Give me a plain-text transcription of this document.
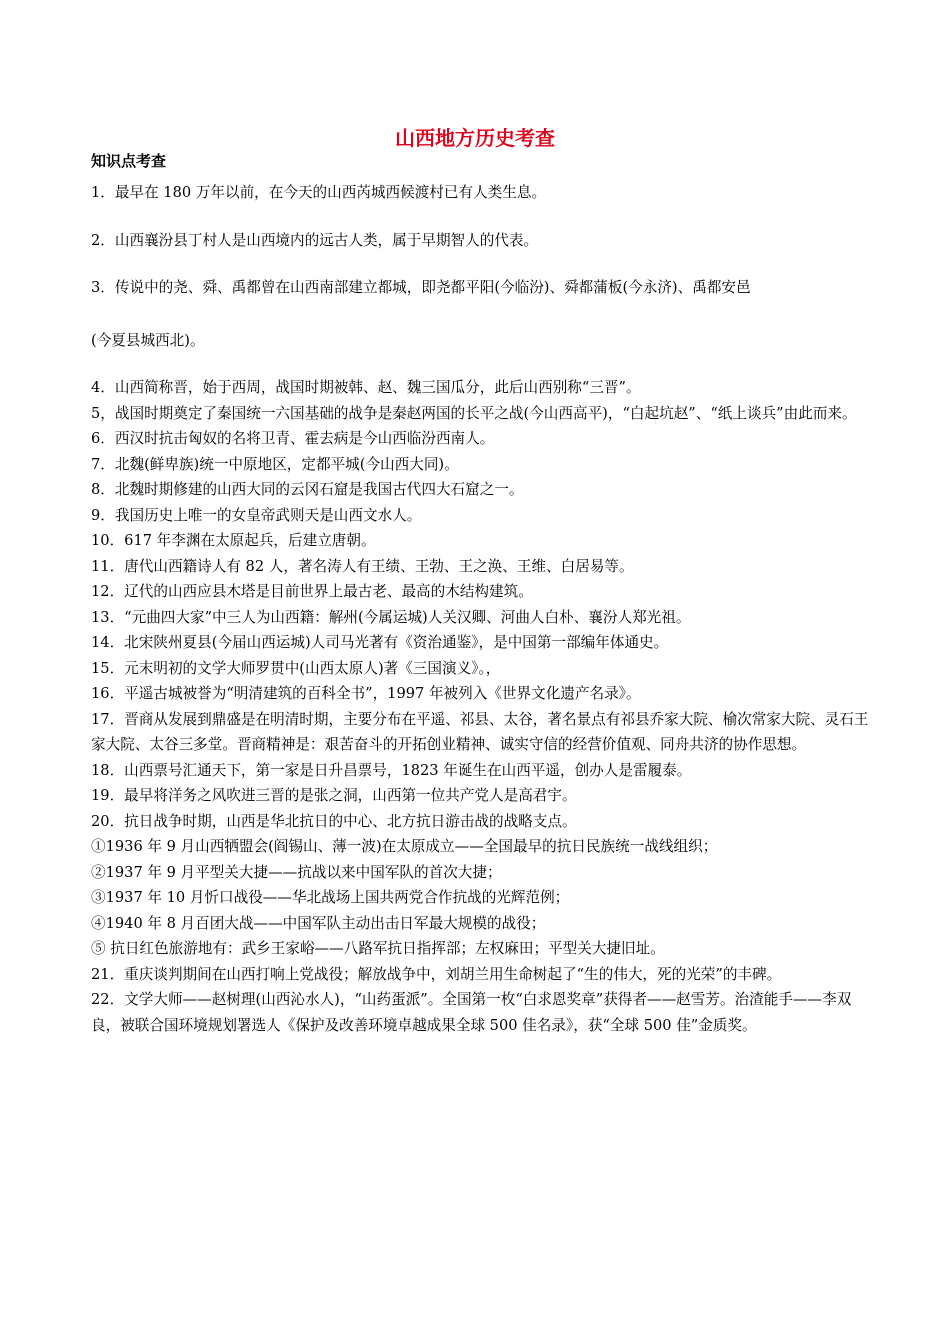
山西地方历史考查
知识点考查

1．最早在 180 万年以前，在今天的山西芮城西候渡村已有人类生息。

2．山西襄汾县丁村人是山西境内的远古人类，属于早期智人的代表。

3．传说中的尧、舜、禹都曾在山西南部建立都城，即尧都平阳(今临汾)、舜都蒲板(今永济)、禹都安邑

(今夏县城西北)。

4．山西简称晋，始于西周，战国时期被韩、赵、魏三国瓜分，此后山西别称“三晋”。

5，战国时期奠定了秦国统一六国基础的战争是秦赵两国的长平之战(今山西高平)，“白起坑赵”、“纸上谈兵”由此而来。

6．西汉时抗击匈奴的名将卫青、霍去病是今山西临汾西南人。

7．北魏(鲜卑族)统一中原地区，定都平城(今山西大同)。

8．北魏时期修建的山西大同的云冈石窟是我国古代四大石窟之一。

9．我国历史上唯一的女皇帝武则天是山西文水人。

10．617 年李渊在太原起兵，后建立唐朝。

11．唐代山西籍诗人有 82 人，著名涛人有王绩、王勃、王之涣、王维、白居易等。

12．辽代的山西应县木塔是目前世界上最古老、最高的木结构建筑。

13．“元曲四大家”中三人为山西籍：解州(今属运城)人关汉卿、河曲人白朴、襄汾人郑光祖。

14．北宋陕州夏县(今届山西运城)人司马光著有《资治通鉴》，是中国第一部编年体通史。

15．元末明初的文学大师罗贯中(山西太原人)著《三国演义》。，

16．平遥古城被誉为“明清建筑的百科全书”，1997 年被列入《世界文化遗产名录》。

17．晋商从发展到鼎盛是在明清时期，主要分布在平遥、祁县、太谷，著名景点有祁县乔家大院、榆次常家大院、灵石王家大院、太谷三多堂。晋商精神是：艰苦奋斗的开拓创业精神、诚实守信的经营价值观、同舟共济的协作思想。

18．山西票号汇通天下，第一家是日升昌票号，1823 年诞生在山西平遥，创办人是雷履泰。

19．最早将洋务之风吹进三晋的是张之洞，山西第一位共产党人是高君宇。

20．抗日战争时期，山西是华北抗日的中心、北方抗日游击战的战略支点。

①1936 年 9 月山西牺盟会(阎锡山、薄一波)在太原成立——全国最早的抗日民族统一战线组织；

②1937 年 9 月平型关大捷——抗战以来中国军队的首次大捷；

③1937 年 10 月忻口战役——华北战场上国共两党合作抗战的光辉范例；

④1940 年 8 月百团大战——中国军队主动出击日军最大规模的战役；

⑤ 抗日红色旅游地有：武乡王家峪——八路军抗日指挥部；左权麻田；平型关大捷旧址。

21．重庆谈判期间在山西打响上党战役；解放战争中，刘胡兰用生命树起了“生的伟大，死的光荣”的丰碑。

22．文学大师——赵树理(山西沁水人)，“山药蛋派”。全国第一枚“白求恩奖章”获得者——赵雪芳。治渣能手——李双良，被联合国环境规划署选人《保护及改善环境卓越成果全球 500 佳名录》，获“全球 500 佳”金质奖。
